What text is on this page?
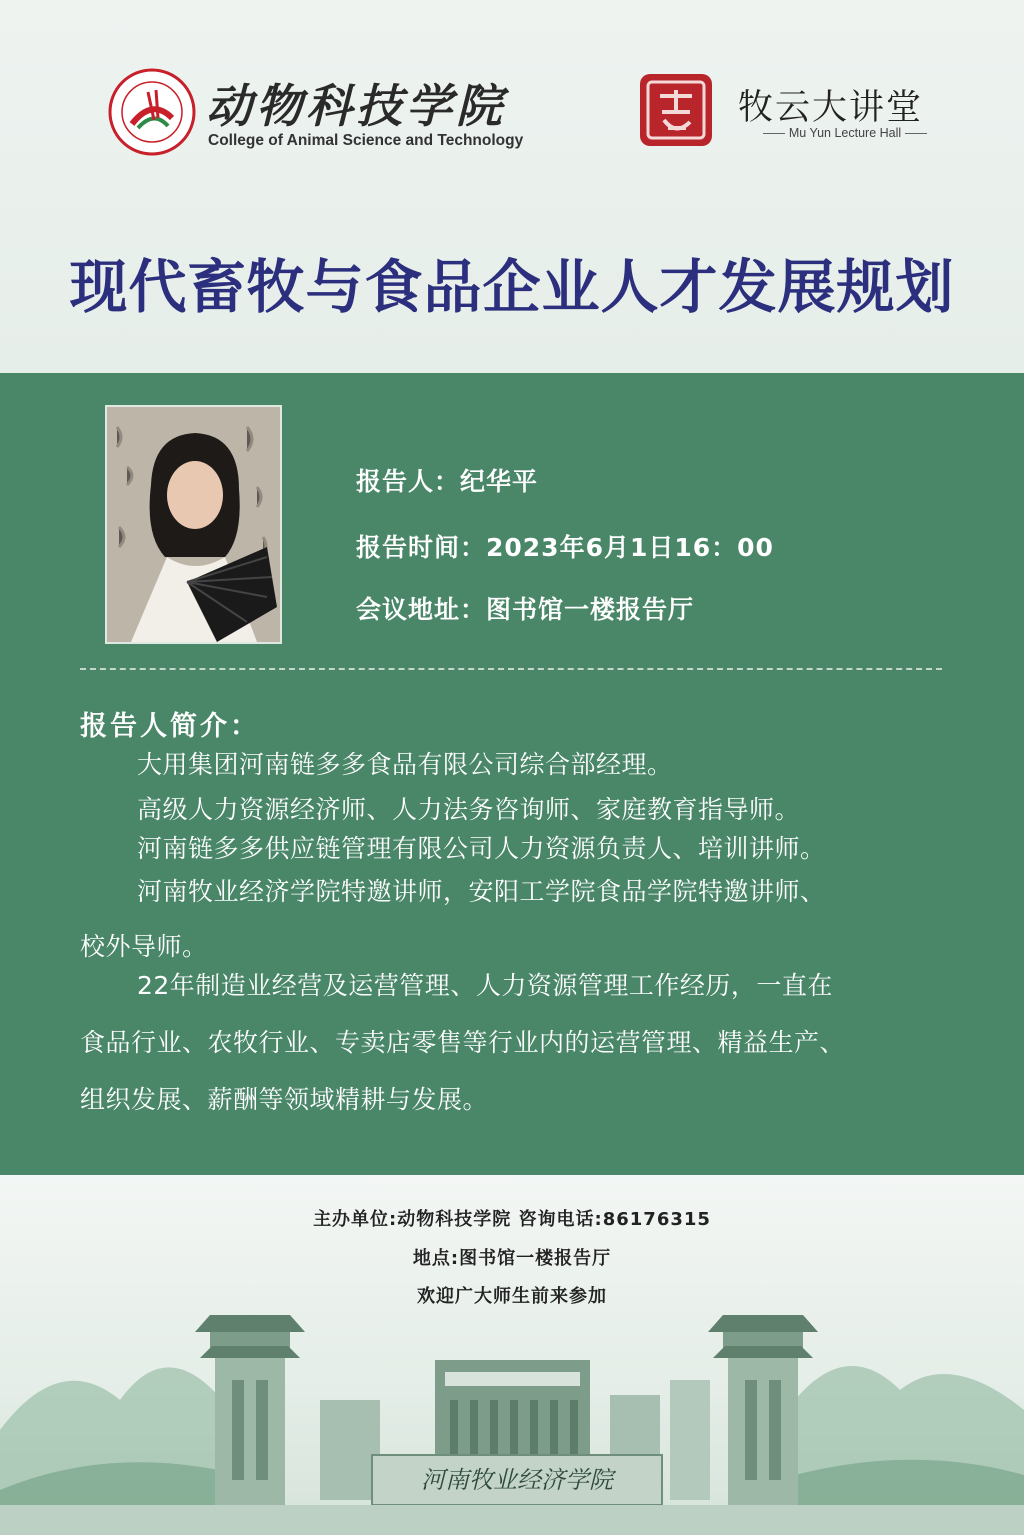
动物科技学院
College of Animal Science and Technology
牧云大讲堂
Mu Yun Lecture Hall
现代畜牧与食品企业人才发展规划
报告人：纪华平
报告时间：2023年6月1日16：00
会议地址：图书馆一楼报告厅
报告人简介：
大用集团河南链多多食品有限公司综合部经理。
高级人力资源经济师、人力法务咨询师、家庭教育指导师。
河南链多多供应链管理有限公司人力资源负责人、培训讲师。
河南牧业经济学院特邀讲师，安阳工学院食品学院特邀讲师、
校外导师。
22年制造业经营及运营管理、人力资源管理工作经历，一直在
食品行业、农牧行业、专卖店零售等行业内的运营管理、精益生产、
组织发展、薪酬等领域精耕与发展。
主办单位:动物科技学院 咨询电话:86176315
地点:图书馆一楼报告厅
欢迎广大师生前来参加
河南牧业经济学院
